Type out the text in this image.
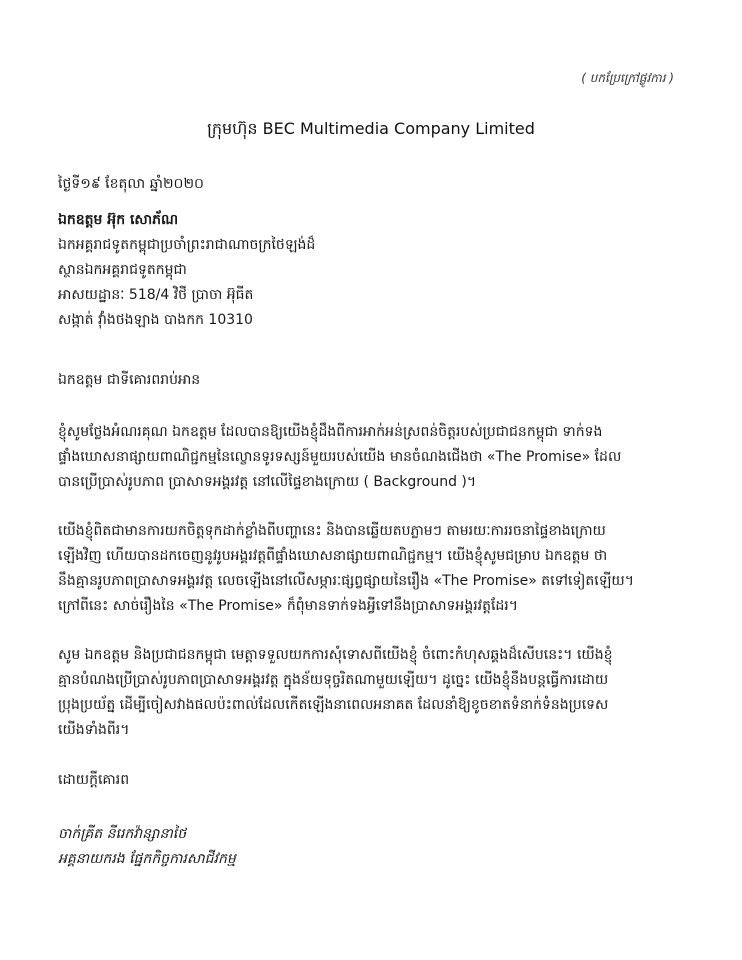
( បកប្រែក្រៅផ្លូវការ )
ក្រុមហ៊ុន BEC Multimedia Company Limited
ថ្ងៃទី១៩ ខែតុលា ឆ្នាំ២០២០
ឯកឧត្តម អ៊ុក សោភ័ណ
ឯកអគ្គរាជទូតកម្ពុជាប្រចាំព្រះរាជាណាចក្រថៃឡង់ដ៏
ស្ថានឯកអគ្គរាជទូតកម្ពុជា
អាសយដ្ឋានៈ 518/4 វិថី ប្រាចា អ៊ុធីត
សង្កាត់ វ៉ាំងថងឡាង បាងកក 10310
ឯកឧត្តម ជាទីគោរពរាប់អាន
ខ្ញុំសូមថ្លែងអំណរគុណ ឯកឧត្តម ដែលបានឱ្យយើងខ្ញុំដឹងពីការអាក់អន់ស្រពន់ចិត្តរបស់ប្រជាជនកម្ពុជា ទាក់ទង
ផ្ទាំងឃោសនាផ្សាយពាណិជ្ជកម្មនៃល្ខោនទូរទស្សន៍មួយរបស់យើង មានចំណងជើងថា «The Promise» ដែល
បានប្រើប្រាស់រូបភាព ប្រាសាទអង្គរវត្ត នៅលើផ្ទៃខាងក្រោយ ( Background )។
យើងខ្ញុំពិតជាមានការយកចិត្តទុកដាក់ខ្លាំងពីបញ្ហានេះ និងបានឆ្លើយតបភ្លាមៗ តាមរយៈការរចនាផ្ទៃខាងក្រោយ
ឡើងវិញ ហើយបានដកចេញនូវរូបអង្គរវត្តពីផ្ទាំងឃោសនាផ្សាយពាណិជ្ជកម្ម។ យើងខ្ញុំសូមជម្រាប ឯកឧត្តម ថា
នឹងគ្មានរូបភាពប្រាសាទអង្គរវត្ត លេចឡើងនៅលើសម្ភារៈផ្សព្វផ្សាយនៃរឿង «The Promise» តទៅទៀតឡើយ។
ក្រៅពីនេះ សាច់រឿងនៃ «The Promise» ក៏ពុំមានទាក់ទងអ្វីទៅនឹងប្រាសាទអង្គរវត្តដែរ។
សូម ឯកឧត្តម និងប្រជាជនកម្ពុជា មេត្តាទទួលយកការសុំទោសពីយើងខ្ញុំ ចំពោះកំហុសឆ្គងដ៏សើបនេះ។ យើងខ្ញុំ
គ្មានបំណងប្រើប្រាស់រូបភាពប្រាសាទអង្គរវត្ត ក្នុងន័យទុច្ចរិតណាមួយឡើយ។ ដូច្នេះ យើងខ្ញុំនឹងបន្តធ្វើការដោយ
ប្រុងប្រយ័ត្ន ដើម្បីចៀសវាងផលប៉ះពាល់ដែលកើតឡើងនាពេលអនាគត ដែលនាំឱ្យខូចខាតទំនាក់ទំនងប្រទេស
យើងទាំងពីរ។
ដោយក្តីគោរព
ចាក់គ្រីត នីរេកវ៉ាន្សានាថៃ
អគ្គនាយករង ផ្នែកកិច្ចការសាជីវកម្ម
